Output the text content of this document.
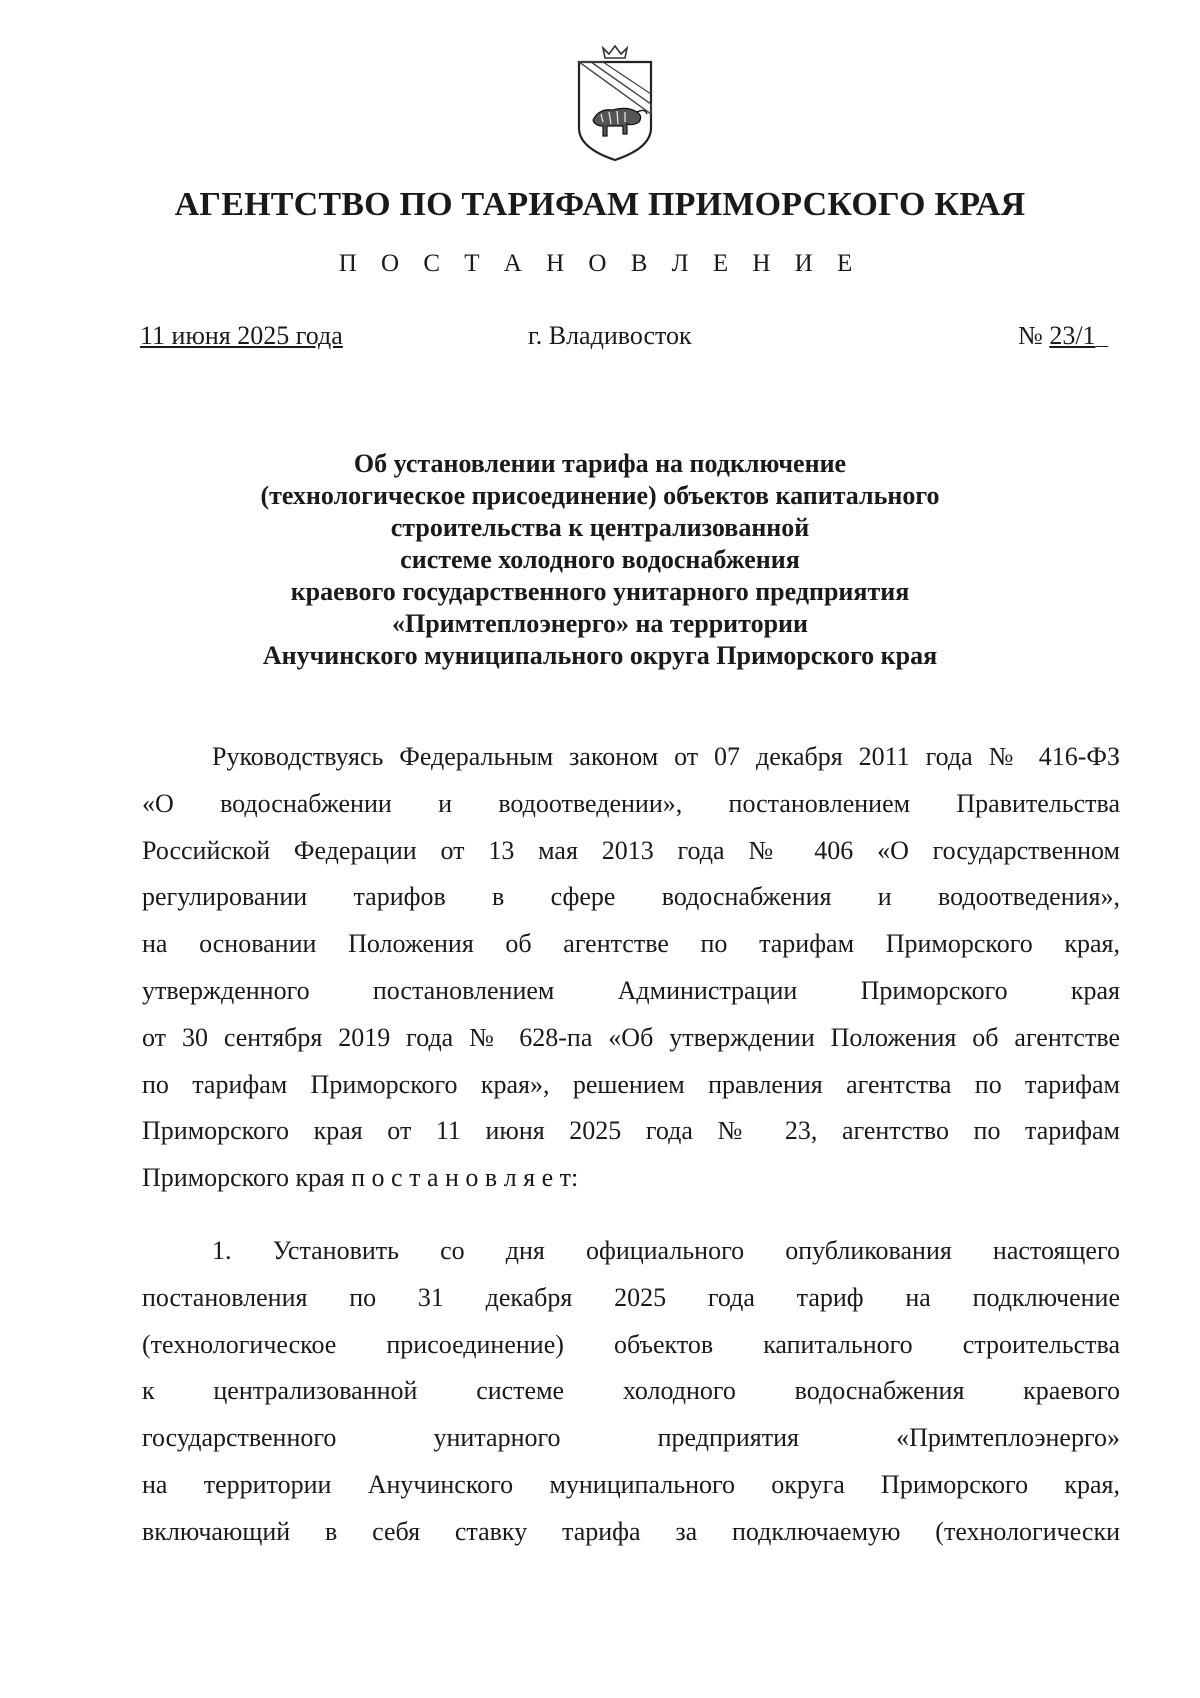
АГЕНТСТВО ПО ТАРИФАМ ПРИМОРСКОГО КРАЯ
П О С Т А Н О В Л Е Н И Е
11 июня 2025 года	г. Владивосток	№ 23/1
Об установлении тарифа на подключение
(технологическое присоединение) объектов капитального
строительства к централизованной
системе холодного водоснабжения
краевого государственного унитарного предприятия
«Примтеплоэнерго» на территории
Анучинского муниципального округа Приморского края
Руководствуясь Федеральным законом от 07 декабря 2011 года № 416-ФЗ
«О водоснабжении и водоотведении», постановлением Правительства
Российской Федерации от 13 мая 2013 года № 406 «О государственном
регулировании тарифов в сфере водоснабжения и водоотведения»,
на основании Положения об агентстве по тарифам Приморского края,
утвержденного постановлением Администрации Приморского края
от 30 сентября 2019 года № 628-па «Об утверждении Положения об агентстве
по тарифам Приморского края», решением правления агентства по тарифам
Приморского края от 11 июня 2025 года № 23, агентство по тарифам
Приморского края п о с т а н о в л я е т:
1. Установить со дня официального опубликования настоящего
постановления по 31 декабря 2025 года тариф на подключение
(технологическое присоединение) объектов капитального строительства
к централизованной системе холодного водоснабжения краевого
государственного унитарного предприятия «Примтеплоэнерго»
на территории Анучинского муниципального округа Приморского края,
включающий в себя ставку тарифа за подключаемую (технологически
